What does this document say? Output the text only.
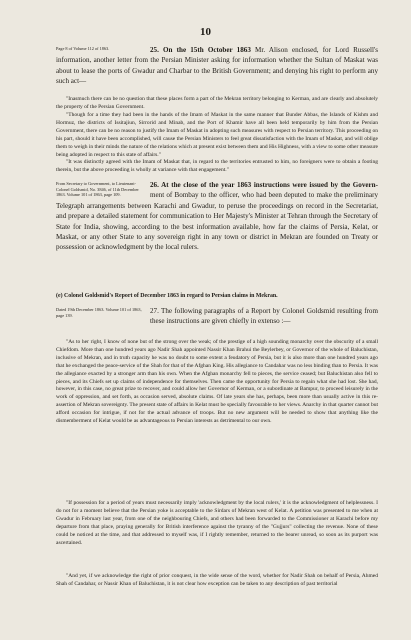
10
25. On the 15th October 1863
Page 8 of Volume 112 of 1863.	Mr. Alison enclosed, for Lord Russell's information, another letter from the Persian Minister asking for information whether the Sultan of Maskat was about to lease the ports of Gwadur and Charbar to the British Government; and denying his right to perform any such act—

"Inasmuch there can be no question that these places form a part of the Mekran territory belonging to Kerman, and are clearly and absolutely the property of the Persian Government.

"Though for a time they had been in the hands of the Imam of Maskat in the same manner that Bunder Abbas, the Islands of Kishm and Hormuz, the districts of Issitajiun, Sirrorid and Minab, and the Port of Khamir have all been held temporarily by him from the Persian Government, there can be no reason to justify the Imam of Maskat in adopting such measures with respect to Persian territory. This proceeding on his part, should it have been accomplished, will cause the Persian Ministers to feel great dissatisfaction with the Imam of Maskat, and will oblige them to weigh in their minds the nature of the relations which at present exist between them and His Highness, with a view to some other measure being adopted in respect to this state of affairs."

"It was distinctly agreed with the Imam of Maskat that, in regard to the territories entrusted to him, no foreigners were to obtain a footing therein, but the above proceeding is wholly at variance with that engagement."

26. At the close of the year 1863 instructions were issued by the Govern-
From Secretary to Government, to Lieutenant-Colonel Goldsmid, No. 3846, of 11th December 1863. Volume 101 of 1863, page 109.	ment of Bombay to the officer, who had been deputed to make the preliminary Telegraph arrangements between Karachi and Gwadur, to peruse the proceedings on record in the Secretariat, and prepare a detailed statement for communication to Her Majesty's Minister at Tehran through the Secretary of State for India, showing, according to the best information available, how far the claims of Persia, Kelat, or Maskat, or any other State to any sovereign right in any town or district in Mekran are founded on Treaty or possession or acknowledgment by the local rulers.
(e) Colonel Goldsmid's Report of December 1863 in regard to Persian claims in Mekran.
Dated 19th December 1863. Volume 101 of 1863, page 139.
27. The following paragraphs of a Report by Colonel Goldsmid resulting from these instructions are given chiefly in extenso :—

"As to her right, I know of none but of the strong over the weak; of the prestige of a high sounding monarchy over the obscurity of a small Chiefdom. More than one hundred years ago Nadir Shah appointed Nassir Khan Brahui the Beylerbey, or Governor of the whole of Baluchistan, inclusive of Mekran, and in truth capacity he was no doubt to some extent a feudatory of Persia, but it is also more than one hundred years ago that he exchanged the peace-service of the Shah for that of the Afghan King. His allegiance to Candahar was no less binding than to Persia. It was the allegiance exacted by a stronger arm than his own. When the Afghan monarchy fell to pieces, the service ceased; but Baluchistan also fell to pieces, and its Chiefs set up claims of independence for themselves. Then came the opportunity for Persia to regain what she had lost. She had, however, in this case, no great prize to recover, and could allow her Governor of Kerman, or a subordinate at Bampur, to proceed leisurely in the work of oppression, and set forth, as occasion served, absolute claims. Of late years she has, perhaps, been more than usually active in this re-assertion of Mekran sovereignty. The present state of affairs in Kelat must be specially favourable to her views. Anarchy in that quarter cannot but afford occasion for intrigue, if not for the actual advance of troops. But no new argument will be needed to show that anything like the dismemberment of Kelat would be as advantageous to Persian interests as detrimental to our own.

"If possession for a period of years must necessarily imply 'acknowledgment by the local rulers,' it is the acknowledgment of helplessness. I do not for a moment believe that the Persian yoke is acceptable to the Sirdars of Mekran west of Kelat. A petition was presented to me when at Gwadur in February last year, from one of the neighbouring Chiefs, and others had been forwarded to the Commissioner at Karachi before my departure from that place, praying generally for British interference against the tyranny of the "Gujjurs" collecting the revenue. None of these could be noticed at the time, and that addressed to myself was, if I rightly remember, returned to the bearer unread, so soon as its purport was ascertained.

"And yet, if we acknowledge the right of prior conquest, in the wide sense of the word, whether for Nadir Shah on behalf of Persia, Ahmed Shah of Candahar, or Nassir Khan of Baluchistan, it is not clear how exception can be taken to any description of past territorial
